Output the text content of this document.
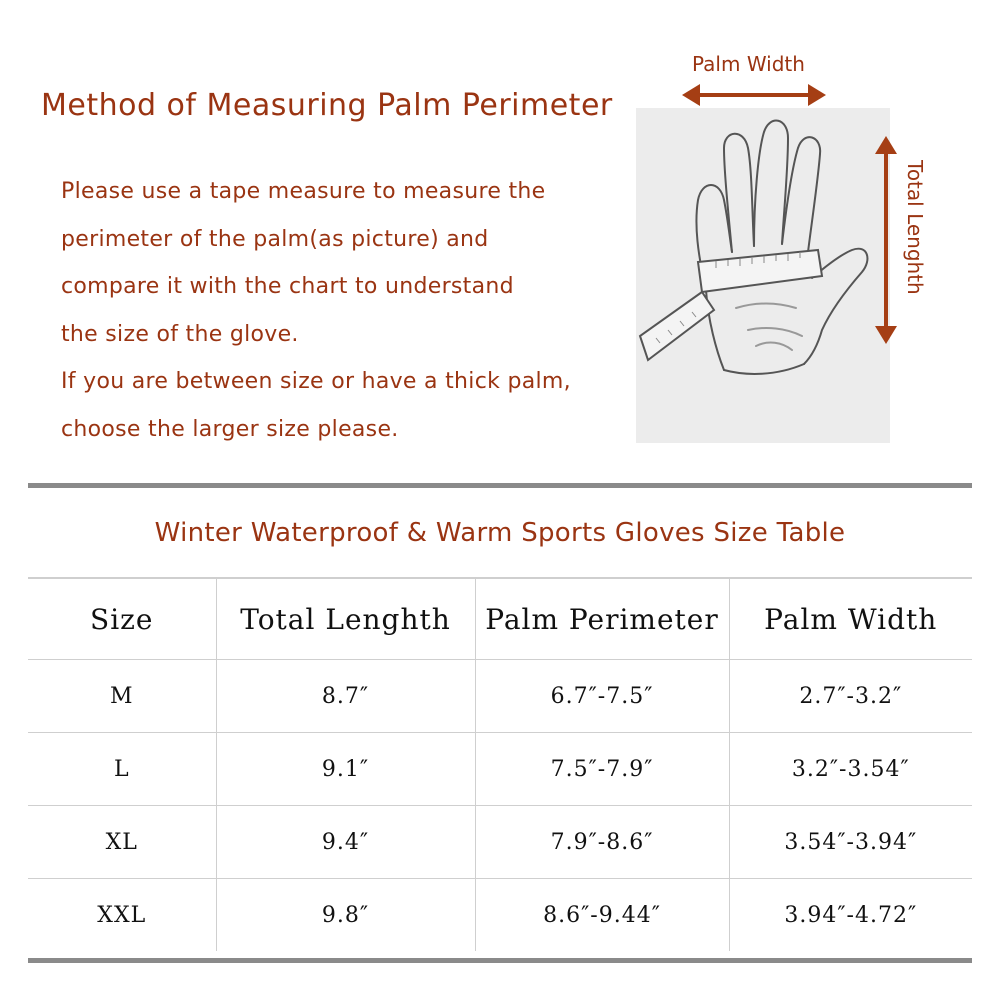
Method of Measuring Palm Perimeter
Please use a tape measure to measure the
perimeter of the palm(as picture) and
compare it with the chart to understand
the size of the glove.
If you are between size or have a thick palm,
choose the larger size please.
Palm Width
Total Lenghth
Winter Waterproof & Warm Sports Gloves Size Table
Size	Total Lenghth	Palm Perimeter	Palm Width
M	8.7″	6.7″-7.5″	2.7″-3.2″
L	9.1″	7.5″-7.9″	3.2″-3.54″
XL	9.4″	7.9″-8.6″	3.54″-3.94″
XXL	9.8″	8.6″-9.44″	3.94″-4.72″
